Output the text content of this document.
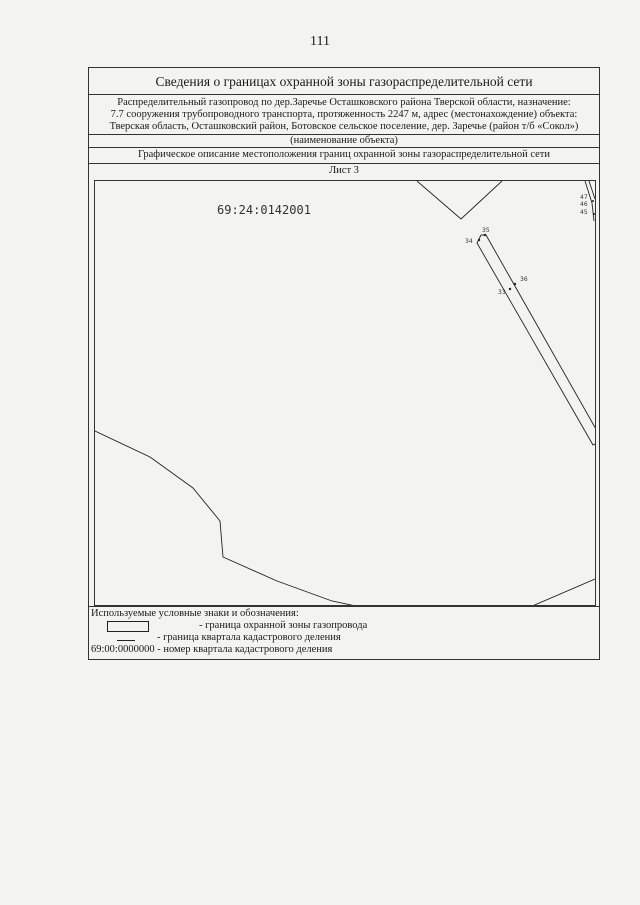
111
Сведения о границах охранной зоны газораспределительной сети
Распределительный газопровод по дер.Заречье Осташковского района Тверской области, назначение:
7.7 сооружения трубопроводного транспорта, протяженность 2247 м, адрес (местонахождение) объекта:
Тверская область, Осташковский район, Ботовское сельское поселение, дер. Заречье (район т/б «Сокол»)
(наименование объекта)
Графическое описание местоположения границ охранной зоны газораспределительной сети
Лист 3
69:24:0142001
47
46
45
35
34
36
33
Используемые условные знаки и обозначения:
- граница охранной зоны газопровода
- граница квартала кадастрового деления
69:00:0000000 - номер квартала кадастрового деления
